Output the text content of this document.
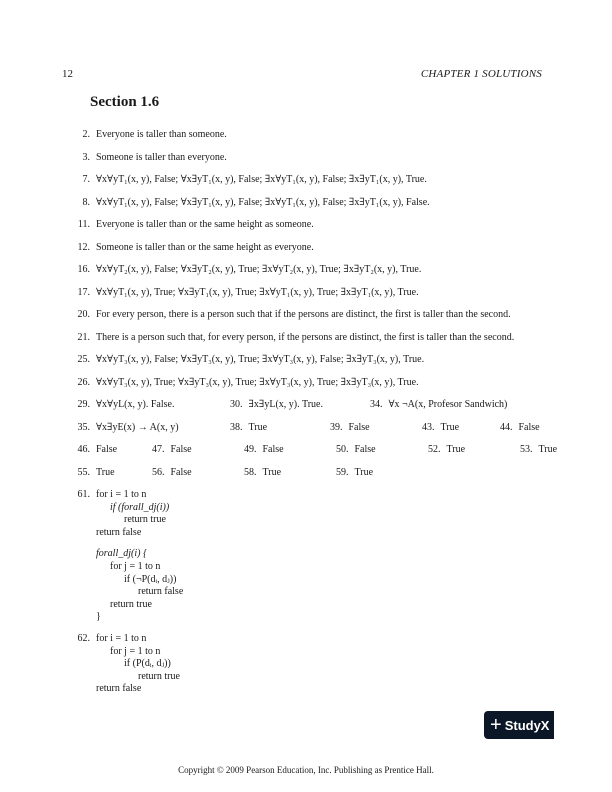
12	CHAPTER 1 SOLUTIONS
Section 1.6
2. Everyone is taller than someone.
3. Someone is taller than everyone.
7. ∀x∀yT₁(x, y), False; ∀x∃yT₁(x, y), False; ∃x∀yT₁(x, y), False; ∃x∃yT₁(x, y), True.
8. ∀x∀yT₁(x, y), False; ∀x∃yT₁(x, y), False; ∃x∀yT₁(x, y), False; ∃x∃yT₁(x, y), False.
11. Everyone is taller than or the same height as someone.
12. Someone is taller than or the same height as everyone.
16. ∀x∀yT₂(x, y), False; ∀x∃yT₂(x, y), True; ∃x∀yT₂(x, y), True; ∃x∃yT₂(x, y), True.
17. ∀x∀yT₁(x, y), True; ∀x∃yT₁(x, y), True; ∃x∀yT₁(x, y), True; ∃x∃yT₁(x, y), True.
20. For every person, there is a person such that if the persons are distinct, the first is taller than the second.
21. There is a person such that, for every person, if the persons are distinct, the first is taller than the second.
25. ∀x∀yT₃(x, y), False; ∀x∃yT₃(x, y), True; ∃x∀yT₃(x, y), False; ∃x∃yT₃(x, y), True.
26. ∀x∀yT₃(x, y), True; ∀x∃yT₃(x, y), True; ∃x∀yT₃(x, y), True; ∃x∃yT₃(x, y), True.
29. ∀x∀yL(x, y). False.	30. ∃x∃yL(x, y). True.	34. ∀x ¬A(x, Profesor Sandwich)
35. ∀x∃yE(x) → A(x, y)	38. True	39. False	43. True	44. False
46. False	47. False	49. False	50. False	52. True	53. True
55. True	56. False	58. True	59. True
61. for i = 1 to n
if (forall_dj(i))
return true
return false
forall_dj(i) {
for j = 1 to n
if (¬P(dᵢ, dⱼ))
return false
return true
}
62. for i = 1 to n
for j = 1 to n
if (P(dᵢ, dⱼ))
return true
return false
Copyright © 2009 Pearson Education, Inc. Publishing as Prentice Hall.
+ StudyX
